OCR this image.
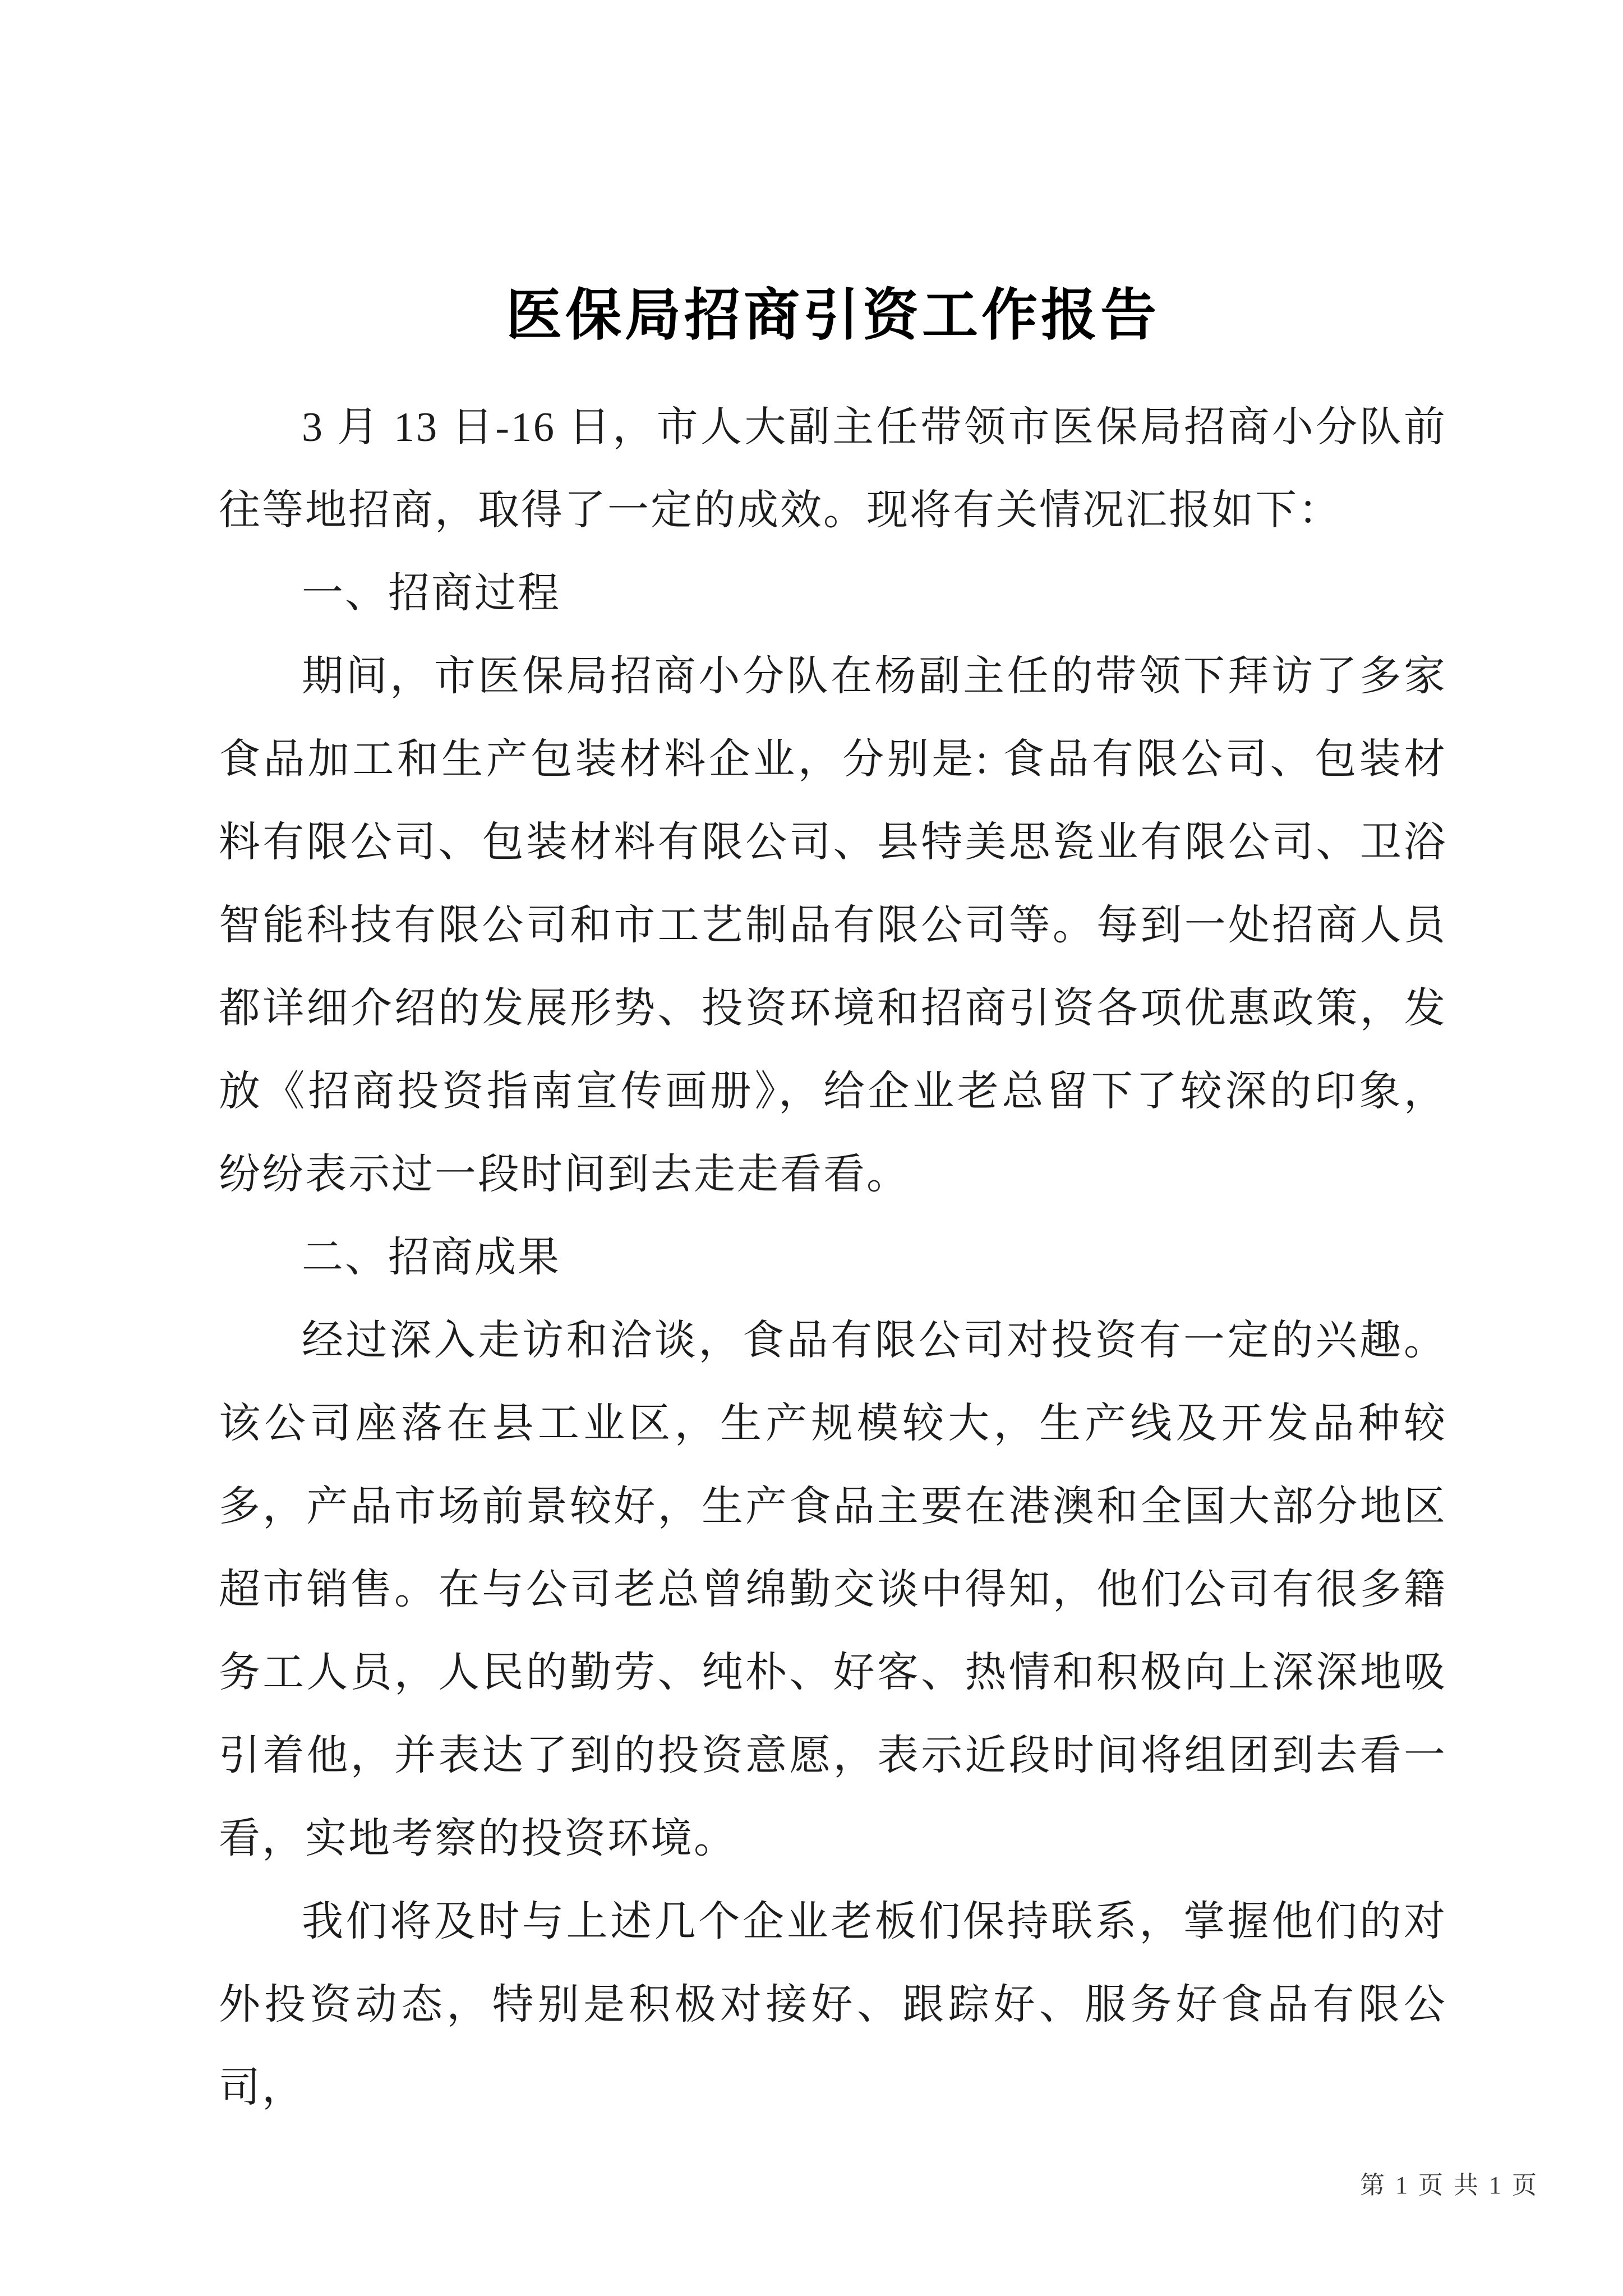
医保局招商引资工作报告

3 月 13 日-16 日，市人大副主任带领市医保局招商小分队前往等地招商，取得了一定的成效。现将有关情况汇报如下：

一、招商过程

期间，市医保局招商小分队在杨副主任的带领下拜访了多家食品加工和生产包装材料企业，分别是: 食品有限公司、包装材料有限公司、包装材料有限公司、县特美思瓷业有限公司、卫浴智能科技有限公司和市工艺制品有限公司等。每到一处招商人员都详细介绍的发展形势、投资环境和招商引资各项优惠政策，发放《招商投资指南宣传画册》，给企业老总留下了较深的印象，纷纷表示过一段时间到去走走看看。

二、招商成果

经过深入走访和洽谈，食品有限公司对投资有一定的兴趣。该公司座落在县工业区，生产规模较大，生产线及开发品种较多，产品市场前景较好，生产食品主要在港澳和全国大部分地区超市销售。在与公司老总曾绵勤交谈中得知，他们公司有很多籍务工人员，人民的勤劳、纯朴、好客、热情和积极向上深深地吸引着他，并表达了到的投资意愿，表示近段时间将组团到去看一看，实地考察的投资环境。

我们将及时与上述几个企业老板们保持联系，掌握他们的对外投资动态，特别是积极对接好、跟踪好、服务好食品有限公司，

第 1 页 共 1 页
